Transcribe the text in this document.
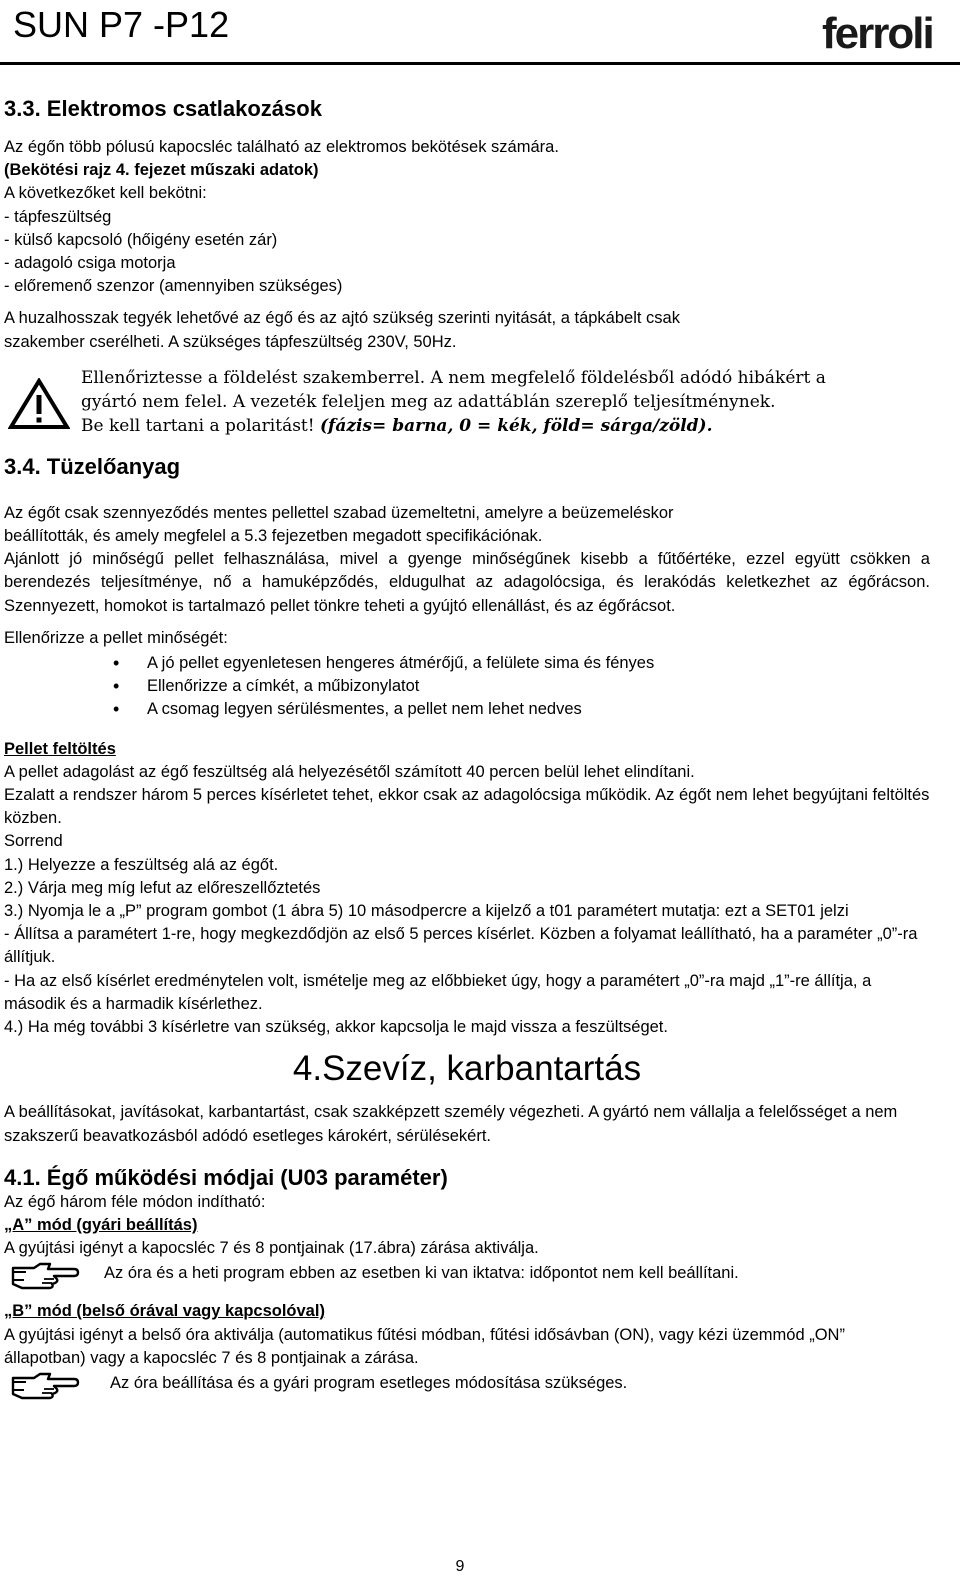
SUN P7 -P12	ferroli
3.3. Elektromos csatlakozások

Az égőn több pólusú kapocsléc található az elektromos bekötések számára.

(Bekötési rajz 4. fejezet műszaki adatok)

A következőket kell bekötni:

- tápfeszültség

- külső kapcsoló (hőigény esetén zár)

- adagoló csiga motorja

- előremenő szenzor (amennyiben szükséges)

A huzalhosszak tegyék lehetővé az égő és az ajtó szükség szerinti nyitását, a tápkábelt csak

szakember cserélheti. A szükséges tápfeszültség 230V, 50Hz.

Ellenőriztesse a földelést szakemberrel. A nem megfelelő földelésből adódó hibákért a
gyártó nem felel. A vezeték feleljen meg az adattáblán szereplő teljesítménynek.
Be kell tartani a polaritást! (fázis= barna, 0 = kék, föld= sárga/zöld).
3.4. Tüzelőanyag

Az égőt csak szennyeződés mentes pellettel szabad üzemeltetni, amelyre a beüzemeléskor

beállították, és amely megfelel a 5.3 fejezetben megadott specifikációnak.

Ajánlott jó minőségű pellet felhasználása, mivel a gyenge minőségűnek kisebb a fűtőértéke, ezzel együtt csökken a berendezés teljesítménye, nő a hamuképződés, eldugulhat az adagolócsiga, és lerakódás keletkezhet az égőrácson. Szennyezett, homokot is tartalmazó pellet tönkre teheti a gyújtó ellenállást, és az égőrácsot.

Ellenőrizze a pellet minőségét:

• A jó pellet egyenletesen hengeres átmérőjű, a felülete sima és fényes
• Ellenőrizze a címkét, a műbizonylatot
• A csomag legyen sérülésmentes, a pellet nem lehet nedves

Pellet feltöltés

A pellet adagolást az égő feszültség alá helyezésétől számított 40 percen belül lehet elindítani.

Ezalatt a rendszer három 5 perces kísérletet tehet, ekkor csak az adagolócsiga működik. Az égőt nem lehet begyújtani feltöltés közben.

Sorrend

1.) Helyezze a feszültség alá az égőt.

2.) Várja meg míg lefut az előreszellőztetés

3.) Nyomja le a „P” program gombot (1 ábra 5) 10 másodpercre a kijelző a t01 paramétert mutatja: ezt a SET01 jelzi

- Állítsa a paramétert 1-re, hogy megkezdődjön az első 5 perces kísérlet. Közben a folyamat leállítható, ha a paraméter „0”-ra állítjuk.

- Ha az első kísérlet eredménytelen volt, ismételje meg az előbbieket úgy, hogy a paramétert „0”-ra majd „1”-re állítja, a második és a harmadik kísérlethez.

4.) Ha még további 3 kísérletre van szükség, akkor kapcsolja le majd vissza a feszültséget.

4.Szevíz, karbantartás

A beállításokat, javításokat, karbantartást, csak szakképzett személy végezheti. A gyártó nem vállalja a felelősséget a nem szakszerű beavatkozásból adódó esetleges károkért, sérülésekért.

4.1. Égő működési módjai (U03 paraméter)

Az égő három féle módon indítható:

„A” mód (gyári beállítás)

A gyújtási igényt a kapocsléc 7 és 8 pontjainak (17.ábra) zárása aktiválja.

Az óra és a heti program ebben az esetben ki van iktatva: időpontot nem kell beállítani.

„B” mód (belső órával vagy kapcsolóval)

A gyújtási igényt a belső óra aktiválja (automatikus fűtési módban, fűtési idősávban (ON), vagy kézi üzemmód „ON” állapotban) vagy a kapocsléc 7 és 8 pontjainak a zárása.

Az óra beállítása és a gyári program esetleges módosítása szükséges.
9
